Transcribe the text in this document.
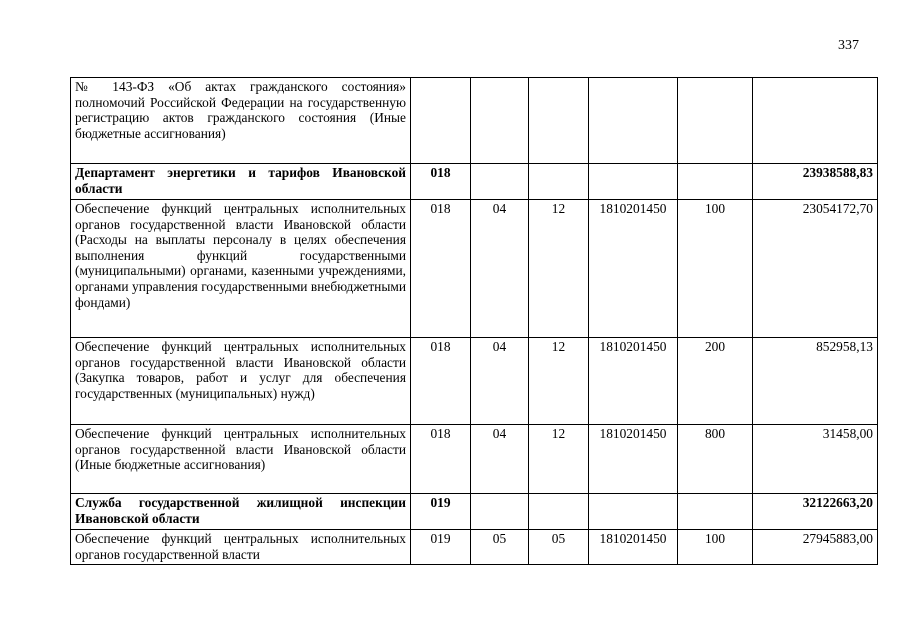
337
№ 143-ФЗ «Об актах гражданского состояния» полномочий Российской Федерации на государственную регистрацию актов гражданского состояния (Иные бюджетные ассигнования)						
Департамент энергетики и тарифов Ивановской области	018					23938588,83
Обеспечение функций центральных исполнительных органов государственной власти Ивановской области (Расходы на выплаты персоналу в целях обеспечения выполнения функций государственными (муниципальными) органами, казенными учреждениями, органами управления государственными внебюджетными фондами)	018	04	12	1810201450	100	23054172,70
Обеспечение функций центральных исполнительных органов государственной власти Ивановской области (Закупка товаров, работ и услуг для обеспечения государственных (муниципальных) нужд)	018	04	12	1810201450	200	852958,13
Обеспечение функций центральных исполнительных органов государственной власти Ивановской области (Иные бюджетные ассигнования)	018	04	12	1810201450	800	31458,00
Служба государственной жилищной инспекции Ивановской области	019					32122663,20
Обеспечение функций центральных исполнительных органов государственной власти	019	05	05	1810201450	100	27945883,00
